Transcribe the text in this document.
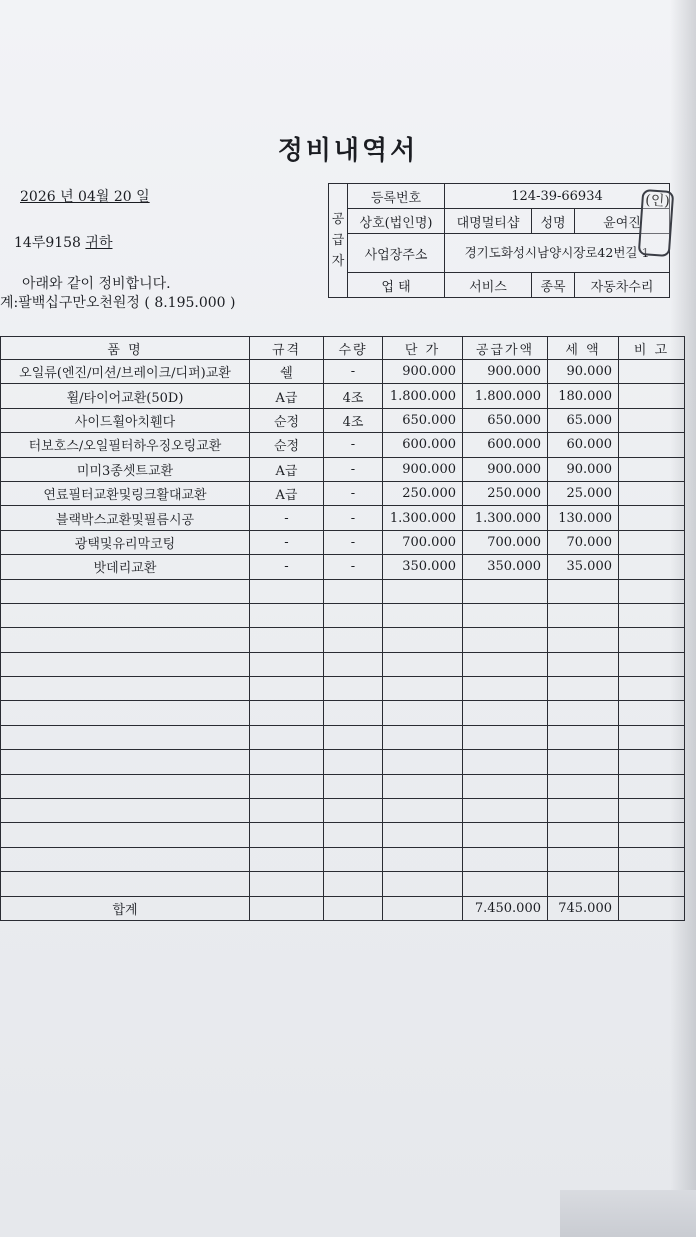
정비내역서
2026 년 04월 20 일
14루9158 귀하
아래와 같이 정비합니다.
계:팔백십구만오천원정 ( 8.195.000 )
공
급
자	등록번호	124-39-66934		
	상호(법인명)	대명멀티샵	성명	윤여진
	사업장주소	경기도화성시남양시장로42번길 1		
	업 태	서비스	종목	자동차수리
(인)
품 명	규격	수량	단 가	공급가액	세 액	비 고
오일류(엔진/미션/브레이크/디퍼)교환	쉘	-	900.000	900.000	90.000	
휠/타이어교환(50D)	A급	4조	1.800.000	1.800.000	180.000	
사이드휠아치휀다	순정	4조	650.000	650.000	65.000	
터보호스/오일필터하우징오링교환	순정	-	600.000	600.000	60.000	
미미3종셋트교환	A급	-	900.000	900.000	90.000	
연료필터교환및링크활대교환	A급	-	250.000	250.000	25.000	
블랙박스교환및필름시공	-	-	1.300.000	1.300.000	130.000	
광택및유리막코팅	-	-	700.000	700.000	70.000	
밧데리교환	-	-	350.000	350.000	35.000	

합계				7.450.000	745.000	
